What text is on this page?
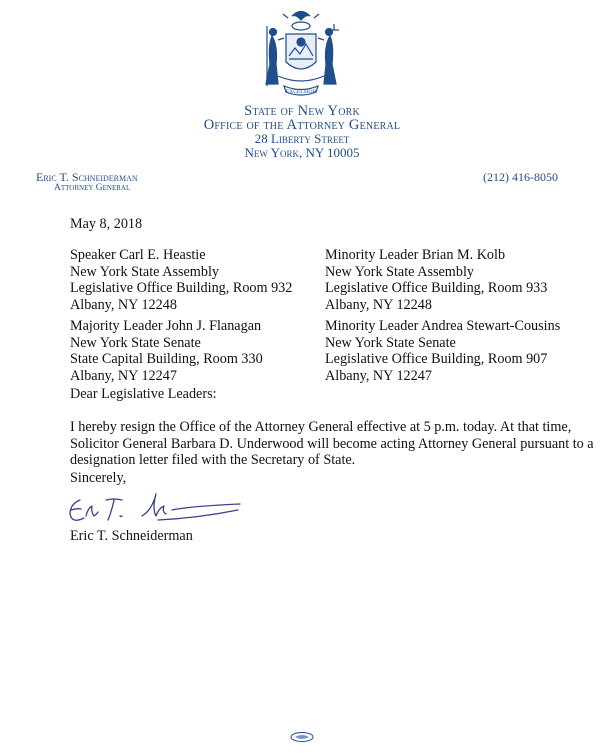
EXCELSIOR
State of New York
Office of the Attorney General
28 Liberty Street
New York, NY 10005
Eric T. Schneiderman
Attorney General
(212) 416-8050
May 8, 2018
Speaker Carl E. Heastie
New York State Assembly
Legislative Office Building, Room 932
Albany, NY 12248
Minority Leader Brian M. Kolb
New York State Assembly
Legislative Office Building, Room 933
Albany, NY 12248
Majority Leader John J. Flanagan
New York State Senate
State Capital Building, Room 330
Albany, NY 12247
Minority Leader Andrea Stewart-Cousins
New York State Senate
Legislative Office Building, Room 907
Albany, NY 12247
Dear Legislative Leaders:
I hereby resign the Office of the Attorney General effective at 5 p.m. today. At that time,
Solicitor General Barbara D. Underwood will become acting Attorney General pursuant to a
designation letter filed with the Secretary of State.
Sincerely,
Eric T. Schneiderman
